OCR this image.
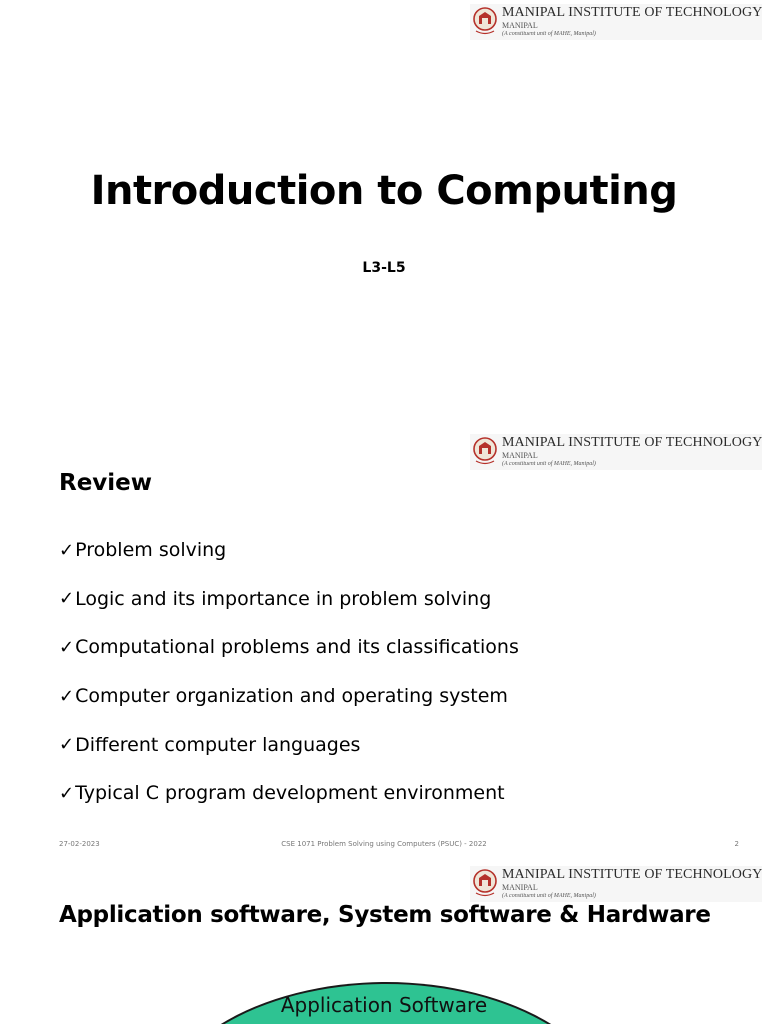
MANIPAL INSTITUTE OF TECHNOLOGY
MANIPAL
(A constituent unit of MAHE, Manipal)
Introduction to Computing
L3-L5
MANIPAL INSTITUTE OF TECHNOLOGY
MANIPAL
(A constituent unit of MAHE, Manipal)
Review
✓ Problem solving
✓ Logic and its importance in problem solving
✓ Computational problems and its classifications
✓ Computer organization and operating system
✓ Different computer languages
✓ Typical C program development environment
27-02-2023	CSE 1071 Problem Solving using Computers (PSUC) - 2022	2
MANIPAL INSTITUTE OF TECHNOLOGY
MANIPAL
(A constituent unit of MAHE, Manipal)
Application software, System software & Hardware
Application Software
